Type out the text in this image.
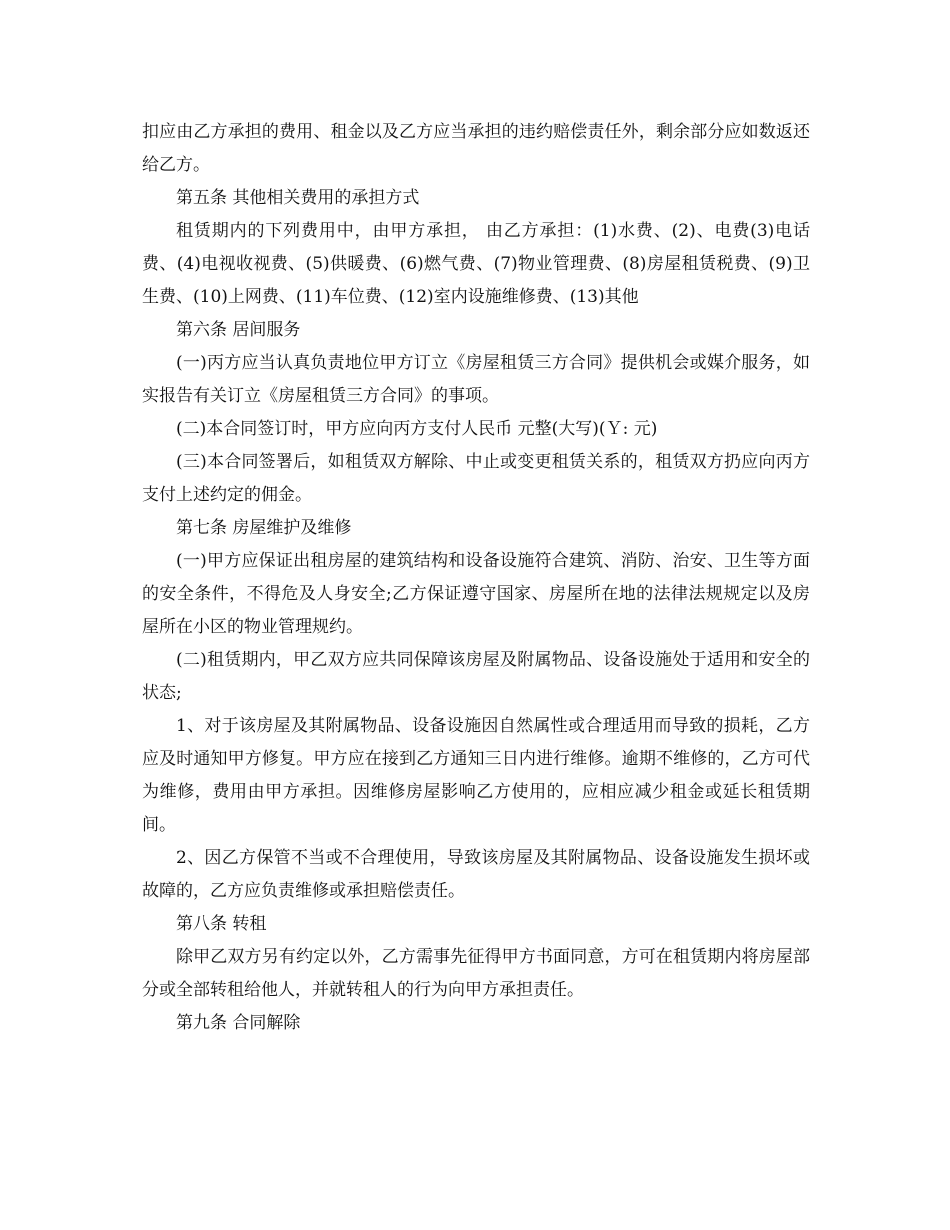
扣应由乙方承担的费用、租金以及乙方应当承担的违约赔偿责任外，剩余部分应如数返还给乙方。

第五条 其他相关费用的承担方式

租赁期内的下列费用中，由甲方承担， 由乙方承担：(1)水费、(2)、电费(3)电话费、(4)电视收视费、(5)供暖费、(6)燃气费、(7)物业管理费、(8)房屋租赁税费、(9)卫生费、(10)上网费、(11)车位费、(12)室内设施维修费、(13)其他

第六条 居间服务

(一)丙方应当认真负责地位甲方订立《房屋租赁三方合同》提供机会或媒介服务，如实报告有关订立《房屋租赁三方合同》的事项。

(二)本合同签订时，甲方应向丙方支付人民币 元整(大写)(Ｙ: 元)

(三)本合同签署后，如租赁双方解除、中止或变更租赁关系的，租赁双方扔应向丙方支付上述约定的佣金。

第七条 房屋维护及维修

(一)甲方应保证出租房屋的建筑结构和设备设施符合建筑、消防、治安、卫生等方面的安全条件，不得危及人身安全;乙方保证遵守国家、房屋所在地的法律法规规定以及房屋所在小区的物业管理规约。

(二)租赁期内，甲乙双方应共同保障该房屋及附属物品、设备设施处于适用和安全的状态;

1、对于该房屋及其附属物品、设备设施因自然属性或合理适用而导致的损耗，乙方应及时通知甲方修复。甲方应在接到乙方通知三日内进行维修。逾期不维修的，乙方可代为维修，费用由甲方承担。因维修房屋影响乙方使用的，应相应减少租金或延长租赁期间。

2、因乙方保管不当或不合理使用，导致该房屋及其附属物品、设备设施发生损坏或故障的，乙方应负责维修或承担赔偿责任。

第八条 转租

除甲乙双方另有约定以外，乙方需事先征得甲方书面同意，方可在租赁期内将房屋部分或全部转租给他人，并就转租人的行为向甲方承担责任。

第九条 合同解除
